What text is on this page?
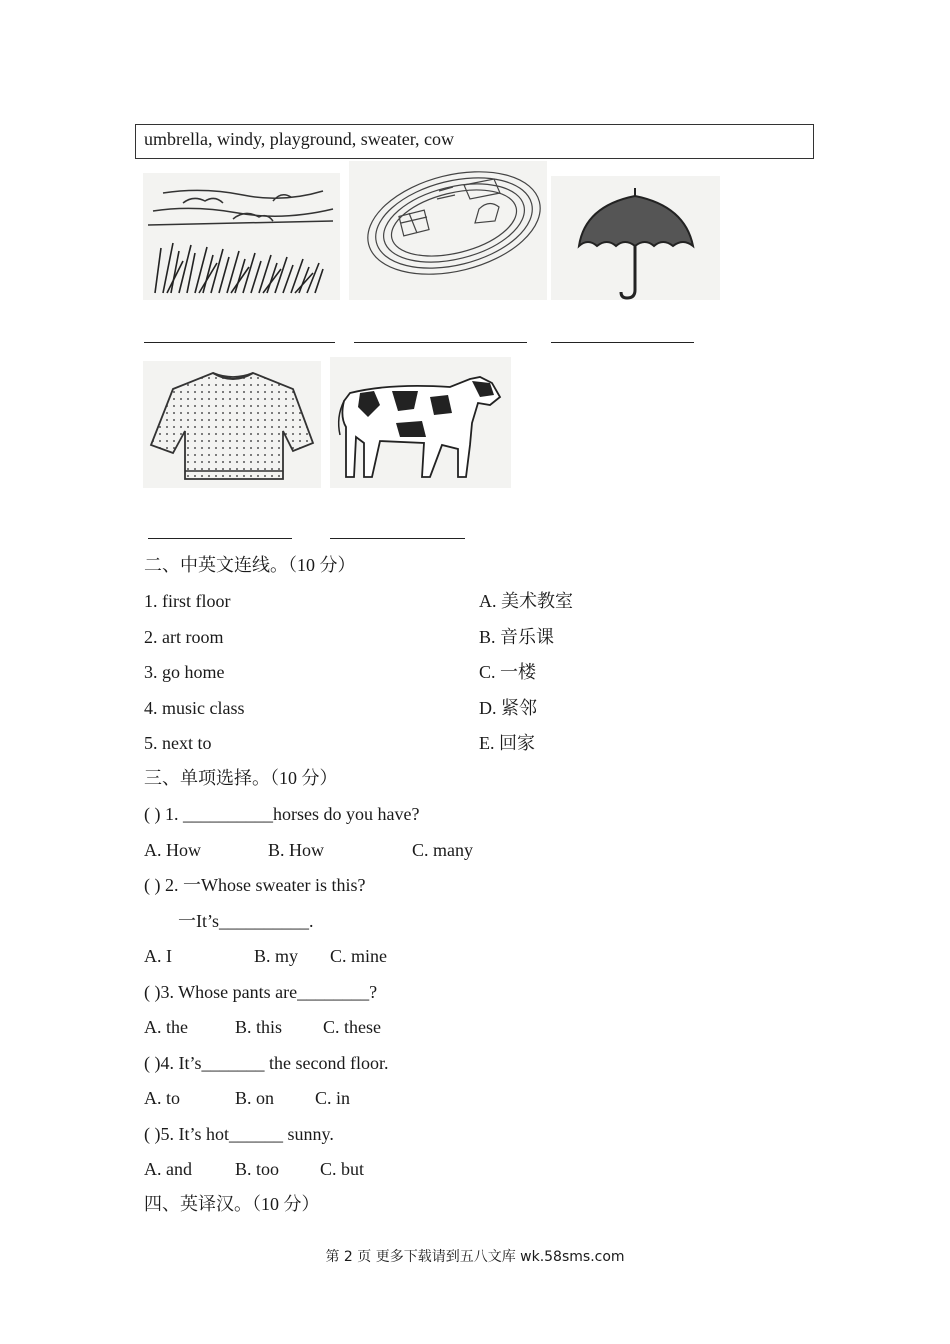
umbrella, windy, playground, sweater, cow
二、中英文连线。（10 分）
1. first floor
2. art room
3. go home
4. music class
5. next to
A. 美术教室
B. 音乐课
C. 一楼
D. 紧邻
E. 回家
三、单项选择。（10 分）
( ) 1. __________horses do you have?
A. How	B. How	C. many
( ) 2. 一Whose sweater is this?
一It’s__________.
A. I	B. my C. mine
( )3. Whose pants are________?
A. the	B. this C. these
( )4. It’s_______ the second floor.
A. to	B. on C. in
( )5. It’s hot______ sunny.
A. and B. too C. but
四、英译汉。（10 分）
第 2 页 更多下载请到五八文库 wk.58sms.com
